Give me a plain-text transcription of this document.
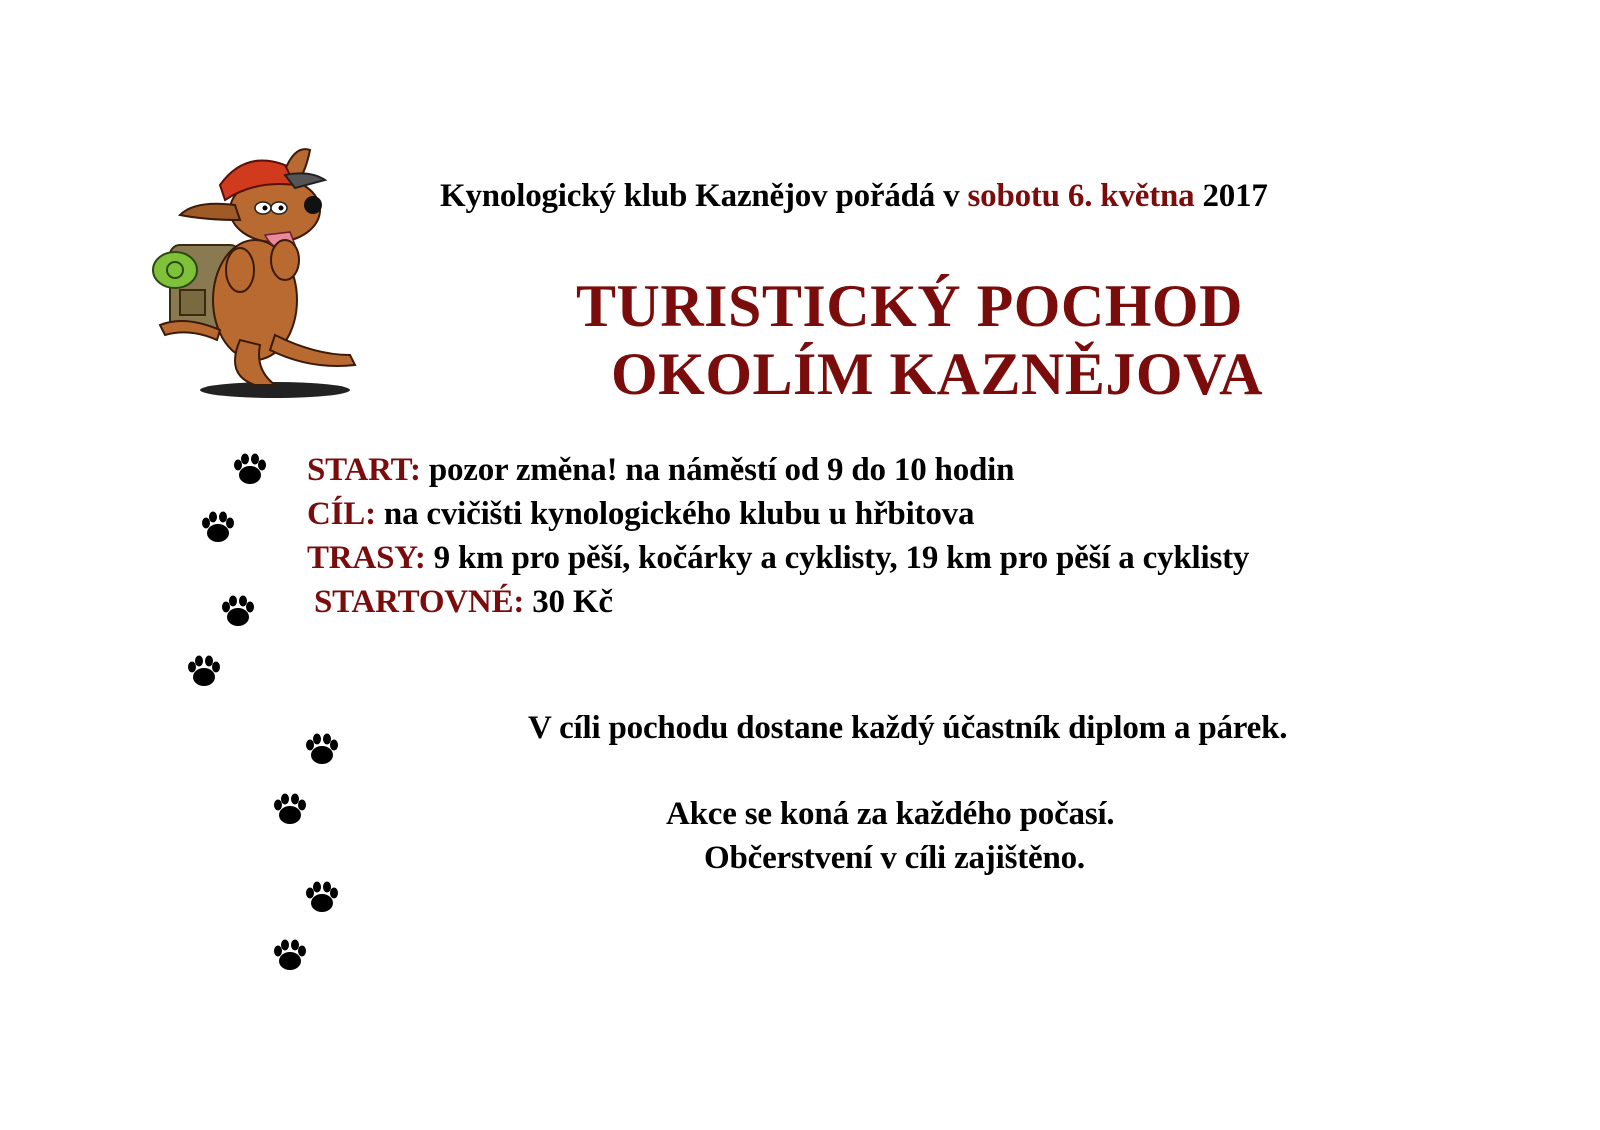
Kynologický klub Kaznějov pořádá v sobotu 6. května 2017
TURISTICKÝ POCHOD
OKOLÍM KAZNĚJOVA
START: pozor změna! na náměstí od 9 do 10 hodin
CÍL: na cvičišti kynologického klubu u hřbitova
TRASY: 9 km pro pěší, kočárky a cyklisty, 19 km pro pěší a cyklisty
STARTOVNÉ: 30 Kč
V cíli pochodu dostane každý účastník diplom a párek.
Akce se koná za každého počasí.
Občerstvení v cíli zajištěno.
